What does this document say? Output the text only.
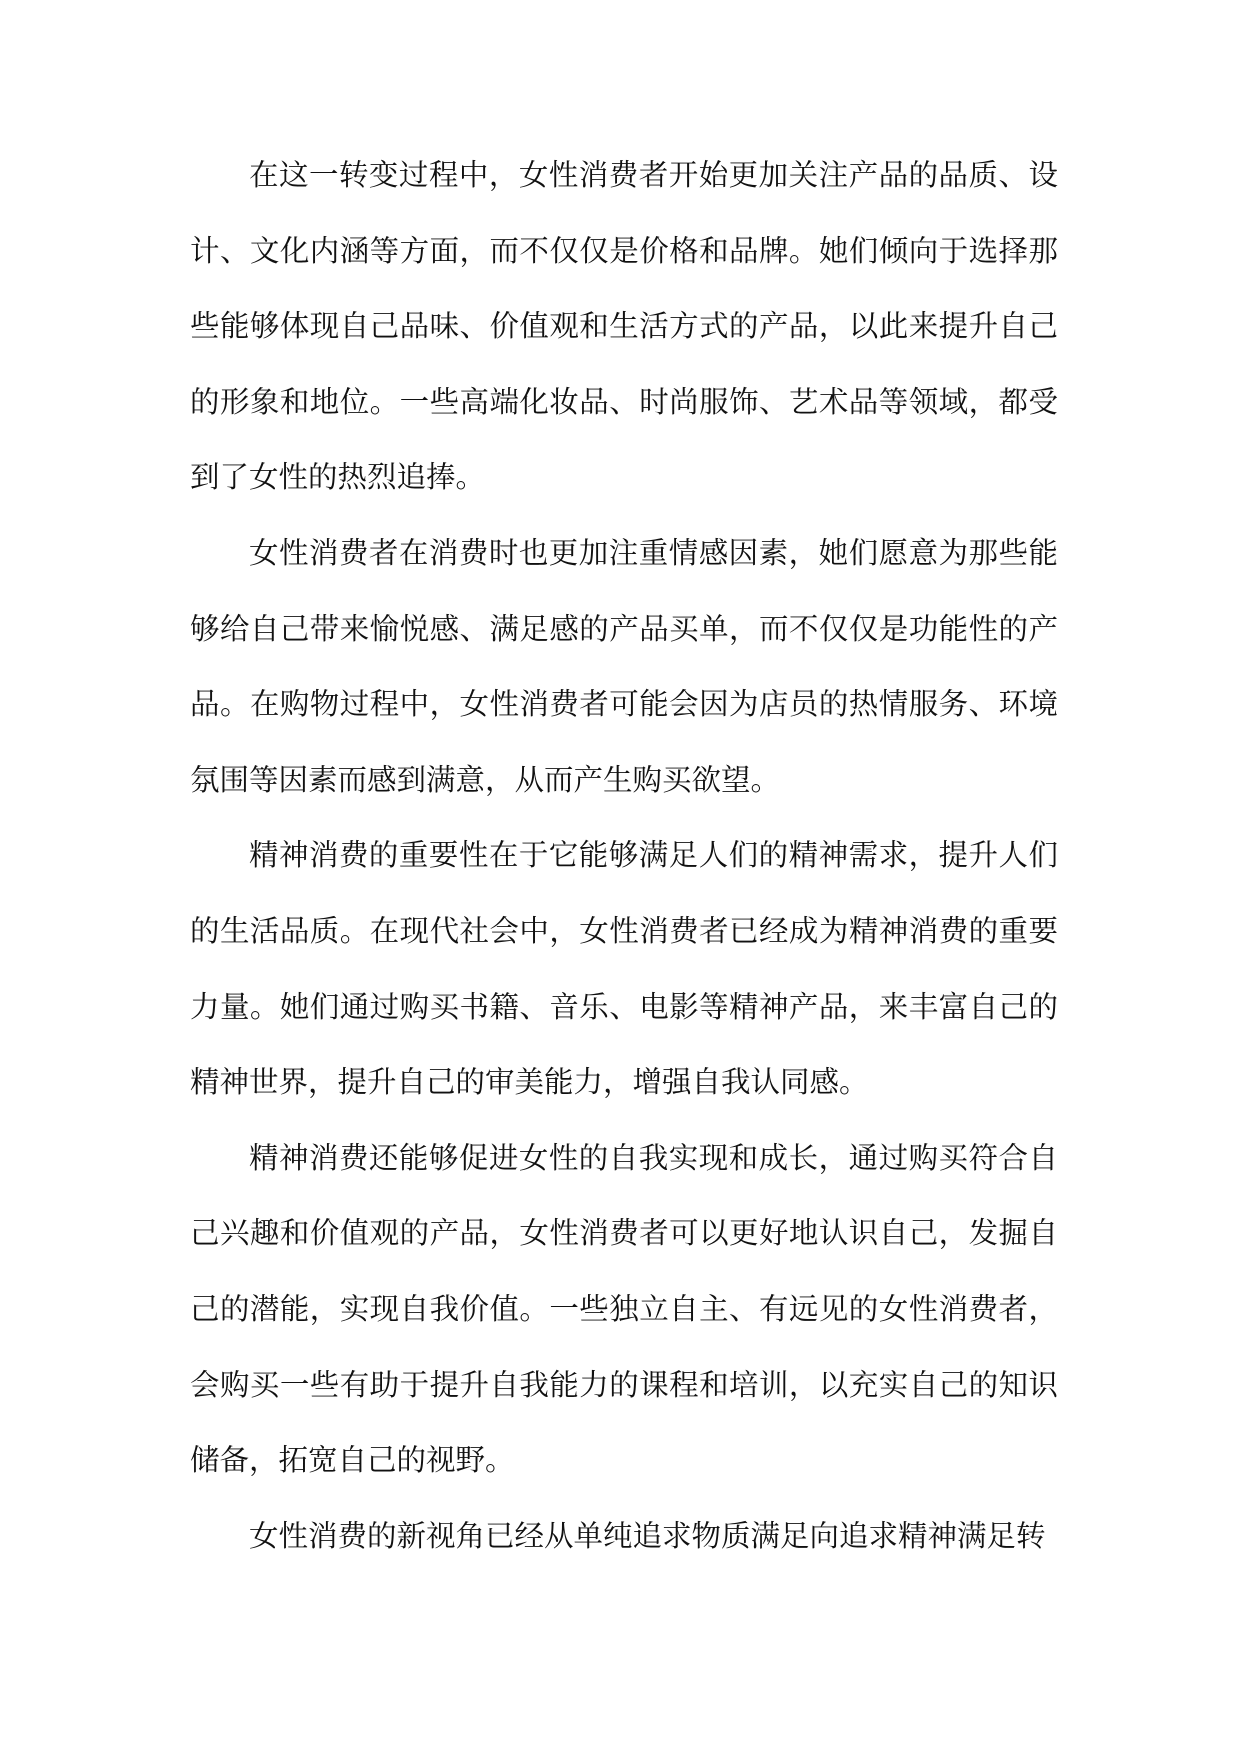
在这一转变过程中，女性消费者开始更加关注产品的品质、设计、文化内涵等方面，而不仅仅是价格和品牌。她们倾向于选择那些能够体现自己品味、价值观和生活方式的产品，以此来提升自己的形象和地位。一些高端化妆品、时尚服饰、艺术品等领域，都受到了女性的热烈追捧。

女性消费者在消费时也更加注重情感因素，她们愿意为那些能够给自己带来愉悦感、满足感的产品买单，而不仅仅是功能性的产品。在购物过程中，女性消费者可能会因为店员的热情服务、环境氛围等因素而感到满意，从而产生购买欲望。

精神消费的重要性在于它能够满足人们的精神需求，提升人们的生活品质。在现代社会中，女性消费者已经成为精神消费的重要力量。她们通过购买书籍、音乐、电影等精神产品，来丰富自己的精神世界，提升自己的审美能力，增强自我认同感。

精神消费还能够促进女性的自我实现和成长，通过购买符合自己兴趣和价值观的产品，女性消费者可以更好地认识自己，发掘自己的潜能，实现自我价值。一些独立自主、有远见的女性消费者，会购买一些有助于提升自我能力的课程和培训，以充实自己的知识储备，拓宽自己的视野。

女性消费的新视角已经从单纯追求物质满足向追求精神满足转
